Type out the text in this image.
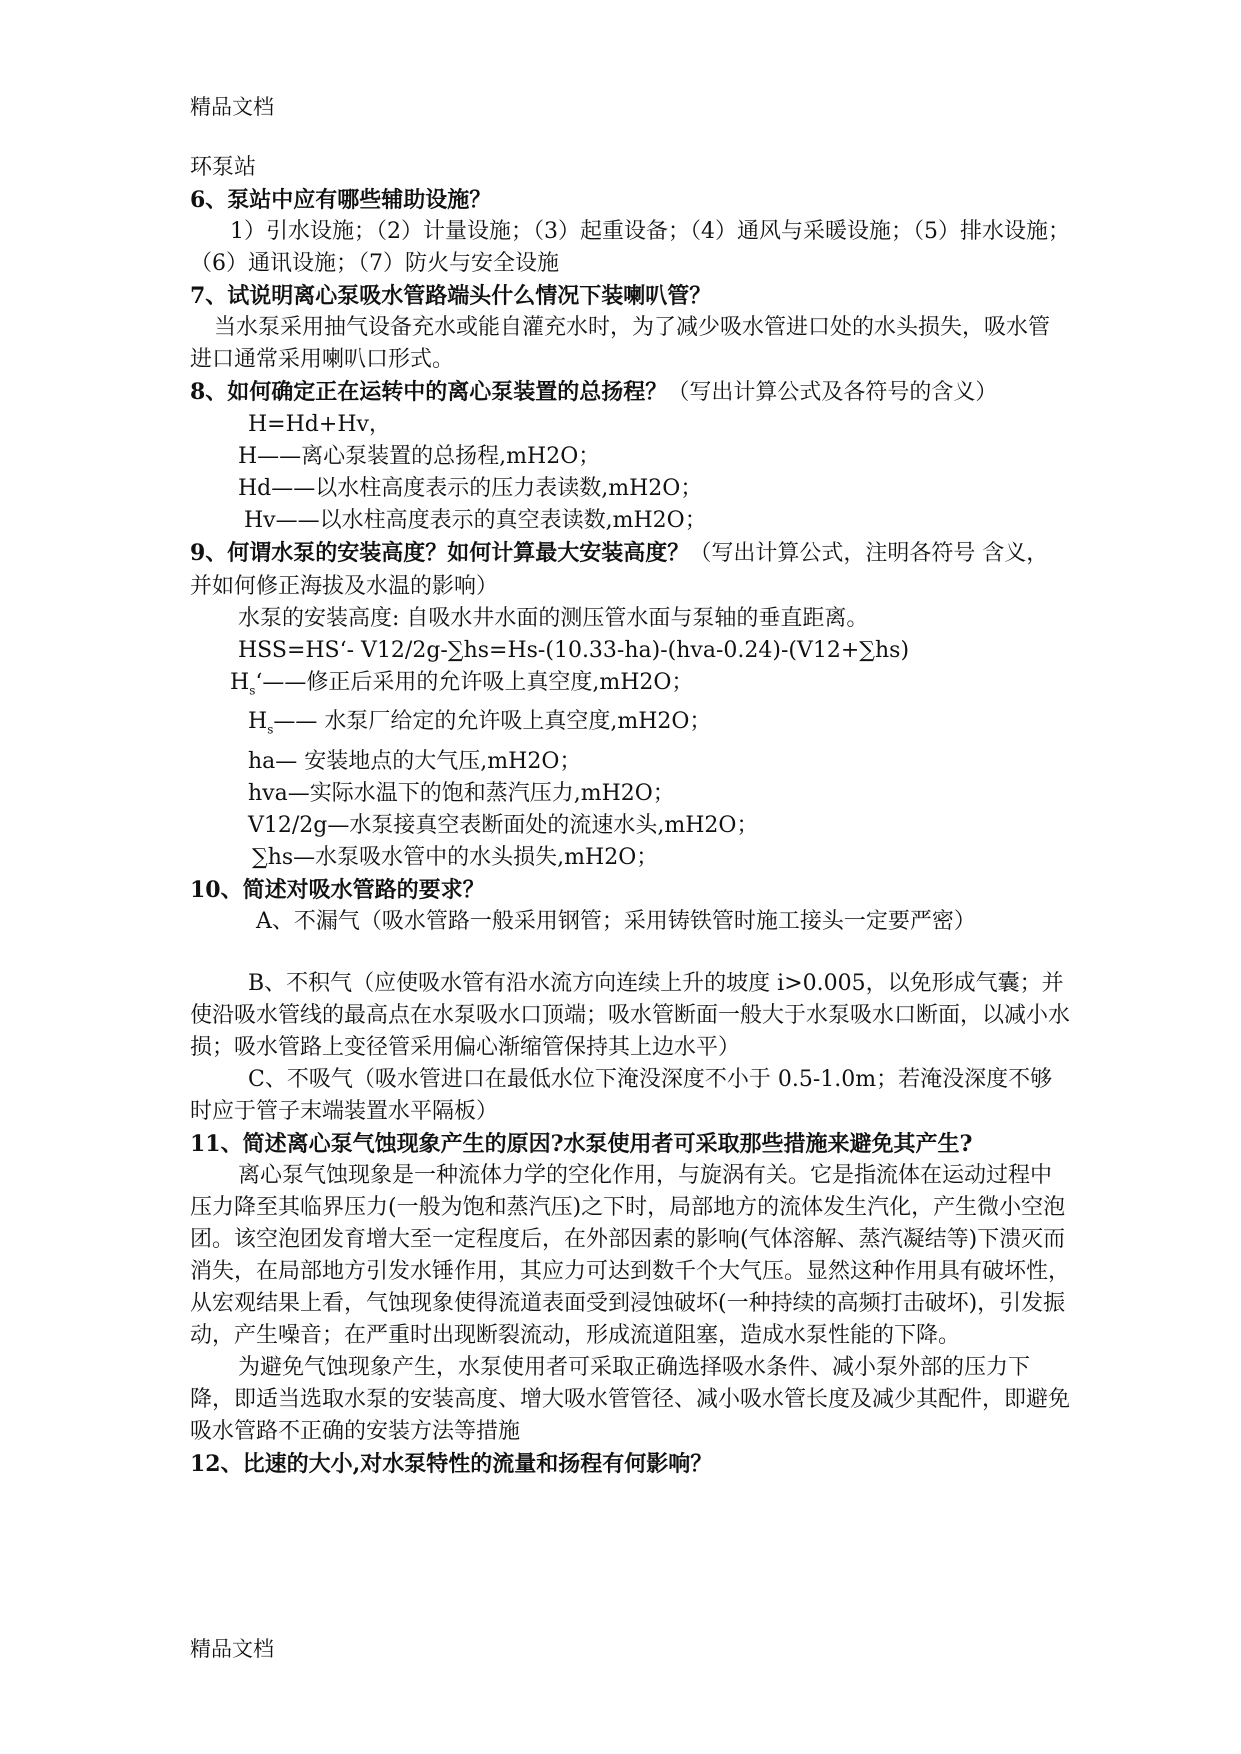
精品文档

环泵站

6、泵站中应有哪些辅助设施？

1）引水设施；（2）计量设施；（3）起重设备；（4）通风与采暖设施；（5）排水设施；（6）通讯设施；（7）防火与安全设施

7、试说明离心泵吸水管路端头什么情况下装喇叭管？

当水泵采用抽气设备充水或能自灌充水时，为了减少吸水管进口处的水头损失，吸水管进口通常采用喇叭口形式。

8、如何确定正在运转中的离心泵装置的总扬程？（写出计算公式及各符号的含义）

H=Hd+Hv，

H——离心泵装置的总扬程,mH2O；

Hd——以水柱高度表示的压力表读数,mH2O；

Hv——以水柱高度表示的真空表读数,mH2O；

9、何谓水泵的安装高度？如何计算最大安装高度？（写出计算公式，注明各符号 含义，并如何修正海拔及水温的影响）

水泵的安装高度: 自吸水井水面的测压管水面与泵轴的垂直距离。

HSS=HS‘- V12/2g-∑hs=Hs-(10.33-ha)-(hva-0.24)-(V12+∑hs)

$H_s‘——$修正后采用的允许吸上真空度,mH2O；

$H_s——$ 水泵厂给定的允许吸上真空度,mH2O；

ha— 安装地点的大气压,mH2O；

hva—实际水温下的饱和蒸汽压力,mH2O；

V12/2g—水泵接真空表断面处的流速水头,mH2O；

∑hs—水泵吸水管中的水头损失,mH2O；

10、简述对吸水管路的要求？

A、不漏气（吸水管路一般采用钢管；采用铸铁管时施工接头一定要严密）

B、不积气（应使吸水管有沿水流方向连续上升的坡度 i>0.005，以免形成气囊；并使沿吸水管线的最高点在水泵吸水口顶端；吸水管断面一般大于水泵吸水口断面，以减小水损；吸水管路上变径管采用偏心渐缩管保持其上边水平）

C、不吸气（吸水管进口在最低水位下淹没深度不小于 0.5-1.0m；若淹没深度不够时应于管子末端装置水平隔板）

11、简述离心泵气蚀现象产生的原因?水泵使用者可采取那些措施来避免其产生?

离心泵气蚀现象是一种流体力学的空化作用，与旋涡有关。它是指流体在运动过程中压力降至其临界压力(一般为饱和蒸汽压)之下时，局部地方的流体发生汽化，产生微小空泡团。该空泡团发育增大至一定程度后，在外部因素的影响(气体溶解、蒸汽凝结等)下溃灭而消失，在局部地方引发水锤作用，其应力可达到数千个大气压。显然这种作用具有破坏性，从宏观结果上看，气蚀现象使得流道表面受到浸蚀破坏(一种持续的高频打击破坏)，引发振动，产生噪音；在严重时出现断裂流动，形成流道阻塞，造成水泵性能的下降。

为避免气蚀现象产生，水泵使用者可采取正确选择吸水条件、减小泵外部的压力下降，即适当选取水泵的安装高度、增大吸水管管径、减小吸水管长度及减少其配件，即避免吸水管路不正确的安装方法等措施

12、比速的大小,对水泵特性的流量和扬程有何影响？

精品文档
